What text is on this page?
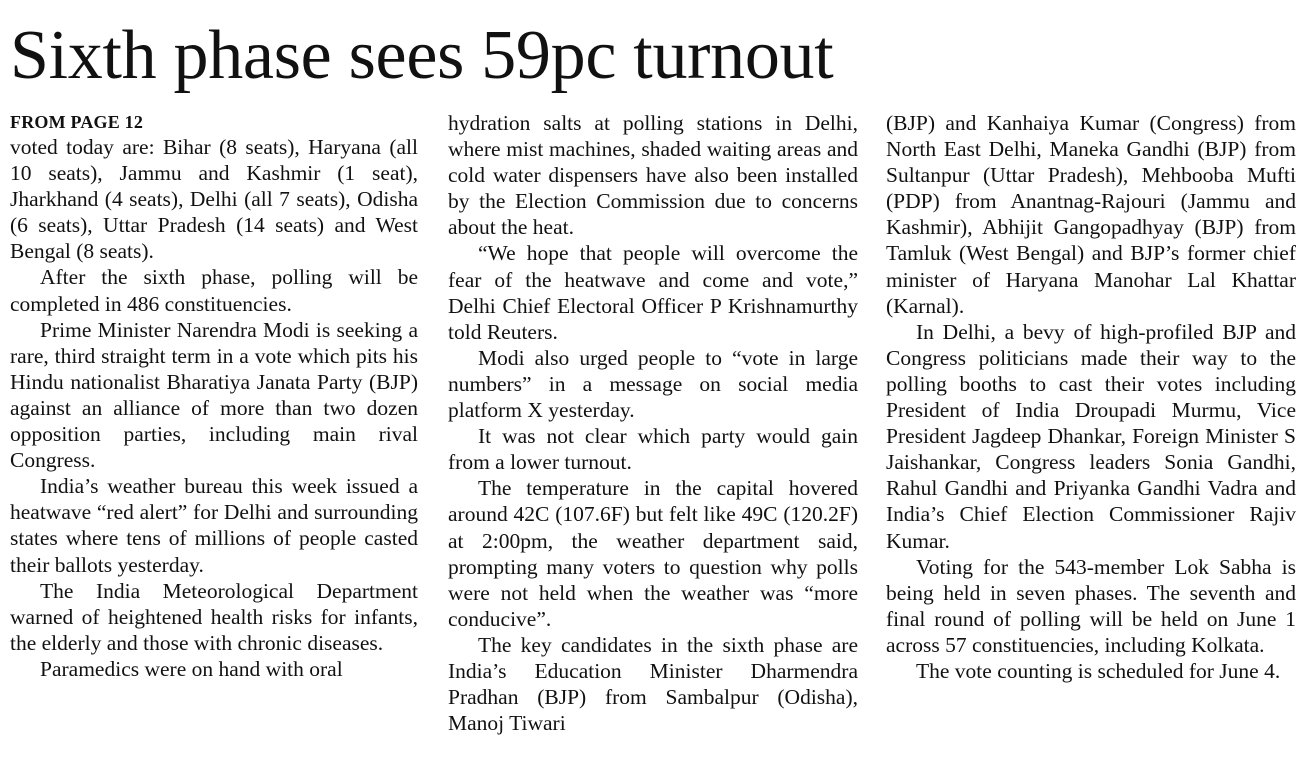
Sixth phase sees 59pc turnout
FROM PAGE 12

voted today are: Bihar (8 seats), Haryana (all 10 seats), Jammu and Kashmir (1 seat), Jharkhand (4 seats), Delhi (all 7 seats), Odisha (6 seats), Uttar Pradesh (14 seats) and West Bengal (8 seats).

After the sixth phase, polling will be completed in 486 constituencies.

Prime Minister Narendra Modi is seeking a rare, third straight term in a vote which pits his Hindu nationalist Bharatiya Janata Party (BJP) against an alliance of more than two dozen opposition parties, including main rival Congress.

India’s weather bureau this week issued a heatwave “red alert” for Delhi and surrounding states where tens of millions of people casted their ballots yesterday.

The India Meteorological Department warned of heightened health risks for infants, the elderly and those with chronic diseases.

Paramedics were on hand with oral

hydration salts at polling stations in Delhi, where mist machines, shaded waiting areas and cold water dispensers have also been installed by the Election Commission due to concerns about the heat.

“We hope that people will overcome the fear of the heatwave and come and vote,” Delhi Chief Electoral Officer P Krishnamurthy told Reuters.

Modi also urged people to “vote in large numbers” in a message on social media platform X yesterday.

It was not clear which party would gain from a lower turnout.

The temperature in the capital hovered around 42C (107.6F) but felt like 49C (120.2F) at 2:00pm, the weather department said, prompting many voters to question why polls were not held when the weather was “more conducive”.

The key candidates in the sixth phase are India’s Education Minister Dharmendra Pradhan (BJP) from Sambalpur (Odisha), Manoj Tiwari

(BJP) and Kanhaiya Kumar (Congress) from North East Delhi, Maneka Gandhi (BJP) from Sultanpur (Uttar Pradesh), Mehbooba Mufti (PDP) from Anantnag-Rajouri (Jammu and Kashmir), Abhijit Gangopadhyay (BJP) from Tamluk (West Bengal) and BJP’s former chief minister of Haryana Manohar Lal Khattar (Karnal).

In Delhi, a bevy of high-profiled BJP and Congress politicians made their way to the polling booths to cast their votes including President of India Droupadi Murmu, Vice President Jagdeep Dhankar, Foreign Minister S Jaishankar, Congress leaders Sonia Gandhi, Rahul Gandhi and Priyanka Gandhi Vadra and India’s Chief Election Commissioner Rajiv Kumar.

Voting for the 543-member Lok Sabha is being held in seven phases. The seventh and final round of polling will be held on June 1 across 57 constituencies, including Kolkata.

The vote counting is scheduled for June 4.
